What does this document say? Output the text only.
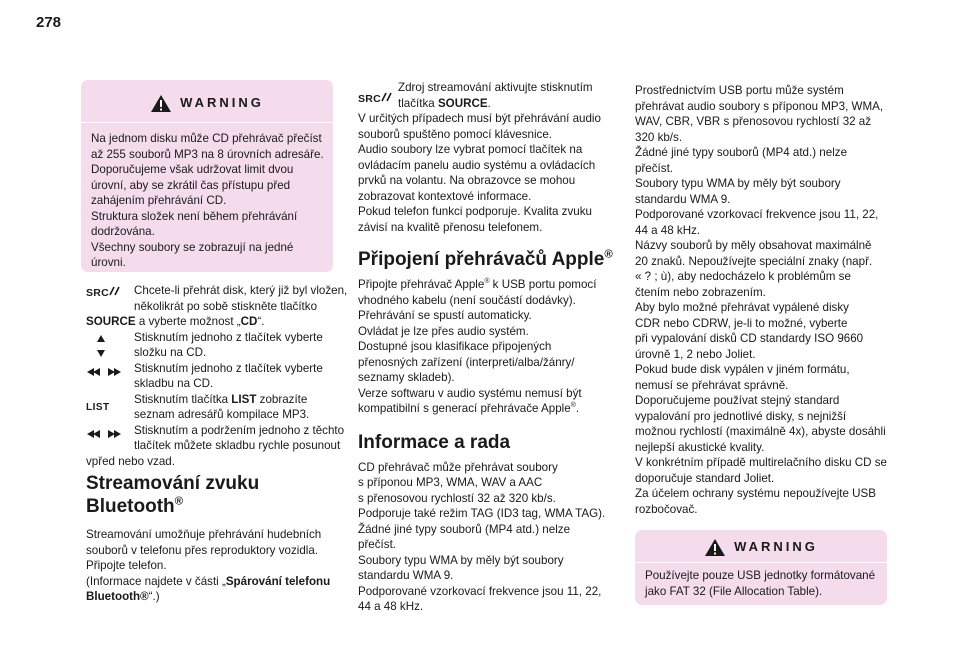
278
WARNING
Na jednom disku může CD přehrávač přečíst
až 255 souborů MP3 na 8 úrovních adresáře.
Doporučujeme však udržovat limit dvou
úrovní, aby se zkrátil čas přístupu před
zahájením přehrávání CD.
Struktura složek není během přehrávání
dodržována.
Všechny soubory se zobrazují na jedné
úrovni.
SRC Chcete-li přehrát disk, který již byl vložen,
několikrát po sobě stiskněte tlačítko
SOURCE a vyberte možnost „CD“.
Stisknutím jednoho z tlačítek vyberte
složku na CD.
Stisknutím jednoho z tlačítek vyberte
skladbu na CD.
LIST
Stisknutím tlačítka LIST zobrazíte
seznam adresářů kompilace MP3.
Stisknutím a podržením jednoho z těchto
tlačítek můžete skladbu rychle posunout
vpřed nebo vzad.
Streamování zvuku
Bluetooth®
Streamování umožňuje přehrávání hudebních
souborů v telefonu přes reproduktory vozidla.
Připojte telefon.
(Informace najdete v části „Spárování telefonu
Bluetooth®“.)
SRC
Zdroj streamování aktivujte stisknutím
tlačítka SOURCE.
V určitých případech musí být přehrávání audio
souborů spuštěno pomocí klávesnice.
Audio soubory lze vybrat pomocí tlačítek na
ovládacím panelu audio systému a ovládacích
prvků na volantu. Na obrazovce se mohou
zobrazovat kontextové informace.
Pokud telefon funkci podporuje. Kvalita zvuku
závisí na kvalitě přenosu telefonem.
Připojení přehrávačů Apple®
Připojte přehrávač Apple® k USB portu pomocí
vhodného kabelu (není součástí dodávky).
Přehrávání se spustí automaticky.
Ovládat je lze přes audio systém.
Dostupné jsou klasifikace připojených
přenosných zařízení (interpreti/alba/žánry/
seznamy skladeb).
Verze softwaru v audio systému nemusí být
kompatibilní s generací přehrávače Apple®.
Informace a rada
CD přehrávač může přehrávat soubory
s příponou MP3, WMA, WAV a AAC
s přenosovou rychlostí 32 až 320 kb/s.
Podporuje také režim TAG (ID3 tag, WMA TAG).
Žádné jiné typy souborů (MP4 atd.) nelze
přečíst.
Soubory typu WMA by měly být soubory
standardu WMA 9.
Podporované vzorkovací frekvence jsou 11, 22,
44 a 48 kHz.
Prostřednictvím USB portu může systém
přehrávat audio soubory s příponou MP3, WMA,
WAV, CBR, VBR s přenosovou rychlostí 32 až
320 kb/s.
Žádné jiné typy souborů (MP4 atd.) nelze
přečíst.
Soubory typu WMA by měly být soubory
standardu WMA 9.
Podporované vzorkovací frekvence jsou 11, 22,
44 a 48 kHz.
Názvy souborů by měly obsahovat maximálně
20 znaků. Nepoužívejte speciální znaky (např.
« ? ; ù), aby nedocházelo k problémům se
čtením nebo zobrazením.
Aby bylo možné přehrávat vypálené disky
CDR nebo CDRW, je-li to možné, vyberte
při vypalování disků CD standardy ISO 9660
úrovně 1, 2 nebo Joliet.
Pokud bude disk vypálen v jiném formátu,
nemusí se přehrávat správně.
Doporučujeme používat stejný standard
vypalování pro jednotlivé disky, s nejnižší
možnou rychlostí (maximálně 4x), abyste dosáhli
nejlepší akustické kvality.
V konkrétním případě multirelačního disku CD se
doporučuje standard Joliet.
Za účelem ochrany systému nepoužívejte USB
rozbočovač.
WARNING
Používejte pouze USB jednotky formátované
jako FAT 32 (File Allocation Table).
